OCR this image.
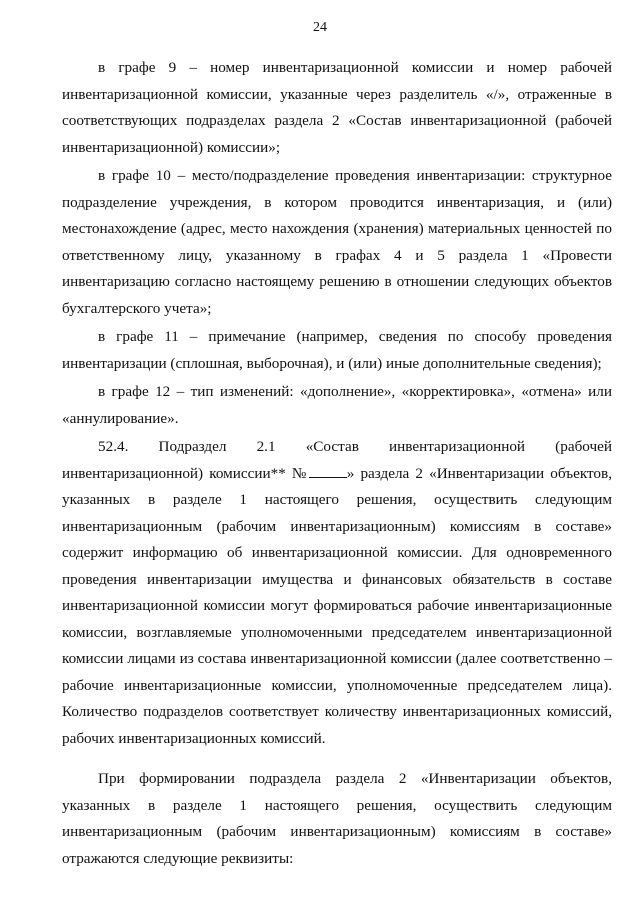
24

в графе 9 – номер инвентаризационной комиссии и номер рабочей инвентаризационной комиссии, указанные через разделитель «/», отраженные в соответствующих подразделах раздела 2 «Состав инвентаризационной (рабочей инвентаризационной) комиссии»;

в графе 10 – место/подразделение проведения инвентаризации: структурное подразделение учреждения, в котором проводится инвентаризация, и (или) местонахождение (адрес, место нахождения (хранения) материальных ценностей по ответственному лицу, указанному в графах 4 и 5 раздела 1 «Провести инвентаризацию согласно настоящему решению в отношении следующих объектов бухгалтерского учета»;

в графе 11 – примечание (например, сведения по способу проведения инвентаризации (сплошная, выборочная), и (или) иные дополнительные сведения);

в графе 12 – тип изменений: «дополнение», «корректировка», «отмена» или «аннулирование».

52.4. Подраздел 2.1 «Состав инвентаризационной (рабочей инвентаризационной) комиссии** №	» раздела 2 «Инвентаризации объектов, указанных в разделе 1 настоящего решения, осуществить следующим инвентаризационным (рабочим инвентаризационным) комиссиям в составе» содержит информацию об инвентаризационной комиссии. Для одновременного проведения инвентаризации имущества и финансовых обязательств в составе инвентаризационной комиссии могут формироваться рабочие инвентаризационные комиссии, возглавляемые уполномоченными председателем инвентаризационной комиссии лицами из состава инвентаризационной комиссии (далее соответственно – рабочие инвентаризационные комиссии, уполномоченные председателем лица). Количество подразделов соответствует количеству инвентаризационных комиссий, рабочих инвентаризационных комиссий.

При формировании подраздела раздела 2 «Инвентаризации объектов, указанных в разделе 1 настоящего решения, осуществить следующим инвентаризационным (рабочим инвентаризационным) комиссиям в составе» отражаются следующие реквизиты:
